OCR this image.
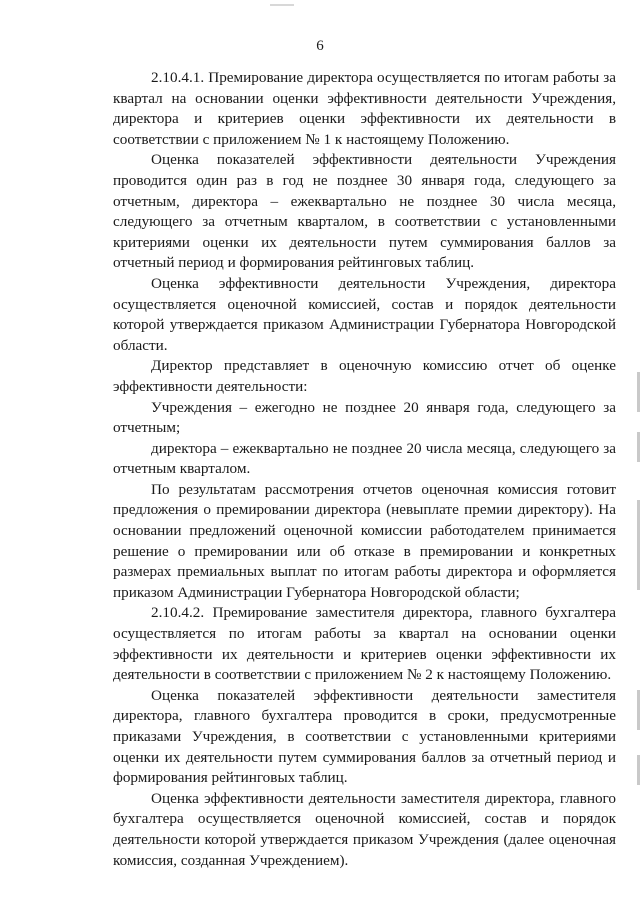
6

2.10.4.1. Премирование директора осуществляется по итогам работы за квартал на основании оценки эффективности деятельности Учреждения, директора и критериев оценки эффективности их деятельности в соответствии с приложением № 1 к настоящему Положению.

Оценка показателей эффективности деятельности Учреждения проводится один раз в год не позднее 30 января года, следующего за отчетным, директора – ежеквартально не позднее 30 числа месяца, следующего за отчетным кварталом, в соответствии с установленными критериями оценки их деятельности путем суммирования баллов за отчетный период и формирования рейтинговых таблиц.

Оценка эффективности деятельности Учреждения, директора осуществляется оценочной комиссией, состав и порядок деятельности которой утверждается приказом Администрации Губернатора Новгородской области.

Директор представляет в оценочную комиссию отчет об оценке эффективности деятельности:

Учреждения – ежегодно не позднее 20 января года, следующего за отчетным;

директора – ежеквартально не позднее 20 числа месяца, следующего за отчетным кварталом.

По результатам рассмотрения отчетов оценочная комиссия готовит предложения о премировании директора (невыплате премии директору). На основании предложений оценочной комиссии работодателем принимается решение о премировании или об отказе в премировании и конкретных размерах премиальных выплат по итогам работы директора и оформляется приказом Администрации Губернатора Новгородской области;

2.10.4.2. Премирование заместителя директора, главного бухгалтера осуществляется по итогам работы за квартал на основании оценки эффективности их деятельности и критериев оценки эффективности их деятельности в соответствии с приложением № 2 к настоящему Положению.

Оценка показателей эффективности деятельности заместителя директора, главного бухгалтера проводится в сроки, предусмотренные приказами Учреждения, в соответствии с установленными критериями оценки их деятельности путем суммирования баллов за отчетный период и формирования рейтинговых таблиц.

Оценка эффективности деятельности заместителя директора, главного бухгалтера осуществляется оценочной комиссией, состав и порядок деятельности которой утверждается приказом Учреждения (далее оценочная комиссия, созданная Учреждением).
